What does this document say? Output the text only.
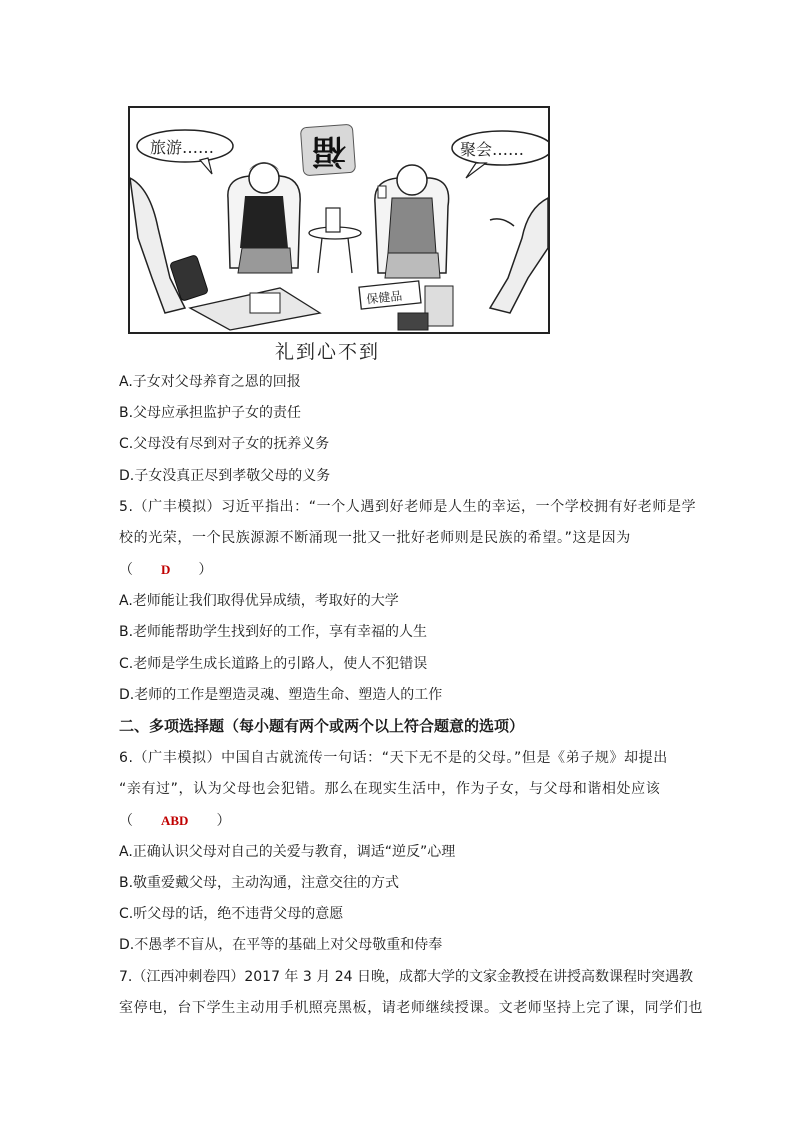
旅游……	聚会……
福
保健品
礼到心不到
A.子女对父母养育之恩的回报
B.父母应承担监护子女的责任
C.父母没有尽到对子女的抚养义务
D.子女没真正尽到孝敬父母的义务
5.（广丰模拟）习近平指出：“一个人遇到好老师是人生的幸运，一个学校拥有好老师是学
校的光荣，一个民族源源不断涌现一批又一批好老师则是民族的希望。”这是因为
（ D ）
A.老师能让我们取得优异成绩，考取好的大学
B.老师能帮助学生找到好的工作，享有幸福的人生
C.老师是学生成长道路上的引路人，使人不犯错误
D.老师的工作是塑造灵魂、塑造生命、塑造人的工作
二、多项选择题（每小题有两个或两个以上符合题意的选项）
6.（广丰模拟）中国自古就流传一句话：“天下无不是的父母。”但是《弟子规》却提出
“亲有过”，认为父母也会犯错。那么在现实生活中，作为子女，与父母和谐相处应该
（ ABD ）
A.正确认识父母对自己的关爱与教育，调适“逆反”心理
B.敬重爱戴父母，主动沟通，注意交往的方式
C.听父母的话，绝不违背父母的意愿
D.不愚孝不盲从，在平等的基础上对父母敬重和侍奉
7.（江西冲刺卷四）2017 年 3 月 24 日晚，成都大学的文家金教授在讲授高数课程时突遇教
室停电，台下学生主动用手机照亮黑板，请老师继续授课。文老师坚持上完了课，同学们也
